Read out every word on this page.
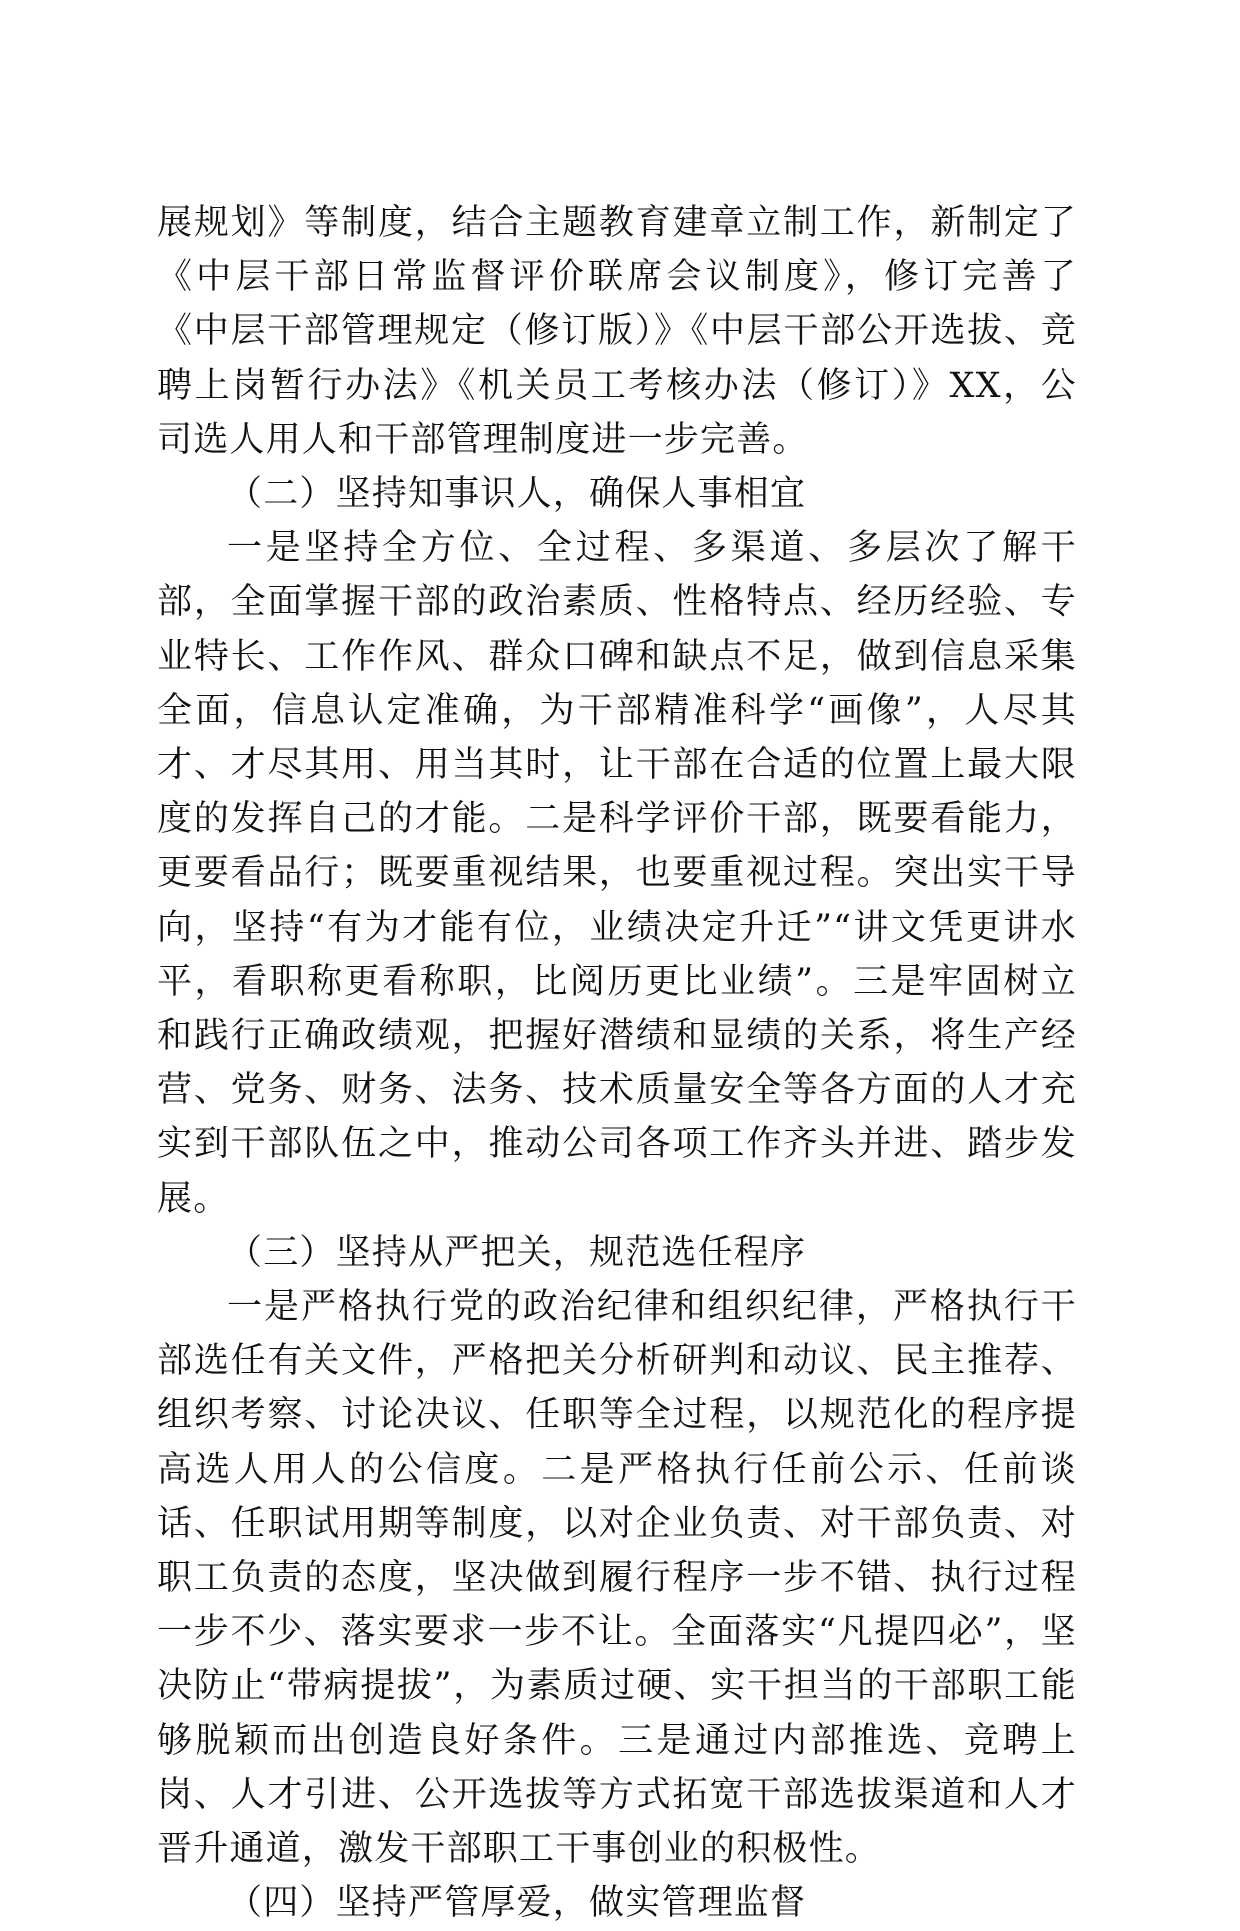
展规划》等制度，结合主题教育建章立制工作，新制定了《中层干部日常监督评价联席会议制度》，修订完善了《中层干部管理规定（修订版）》《中层干部公开选拔、竞聘上岗暂行办法》《机关员工考核办法（修订）》XX，公司选人用人和干部管理制度进一步完善。

（二）坚持知事识人，确保人事相宜

一是坚持全方位、全过程、多渠道、多层次了解干部，全面掌握干部的政治素质、性格特点、经历经验、专业特长、工作作风、群众口碑和缺点不足，做到信息采集全面，信息认定准确，为干部精准科学“画像”，人尽其才、才尽其用、用当其时，让干部在合适的位置上最大限度的发挥自己的才能。二是科学评价干部，既要看能力，更要看品行；既要重视结果，也要重视过程。突出实干导向，坚持“有为才能有位，业绩决定升迁”“讲文凭更讲水平，看职称更看称职，比阅历更比业绩”。三是牢固树立和践行正确政绩观，把握好潜绩和显绩的关系，将生产经营、党务、财务、法务、技术质量安全等各方面的人才充实到干部队伍之中，推动公司各项工作齐头并进、踏步发展。

（三）坚持从严把关，规范选任程序

一是严格执行党的政治纪律和组织纪律，严格执行干部选任有关文件，严格把关分析研判和动议、民主推荐、组织考察、讨论决议、任职等全过程，以规范化的程序提高选人用人的公信度。二是严格执行任前公示、任前谈话、任职试用期等制度，以对企业负责、对干部负责、对职工负责的态度，坚决做到履行程序一步不错、执行过程一步不少、落实要求一步不让。全面落实“凡提四必”，坚决防止“带病提拔”，为素质过硬、实干担当的干部职工能够脱颖而出创造良好条件。三是通过内部推选、竞聘上岗、人才引进、公开选拔等方式拓宽干部选拔渠道和人才晋升通道，激发干部职工干事创业的积极性。

（四）坚持严管厚爱，做实管理监督
